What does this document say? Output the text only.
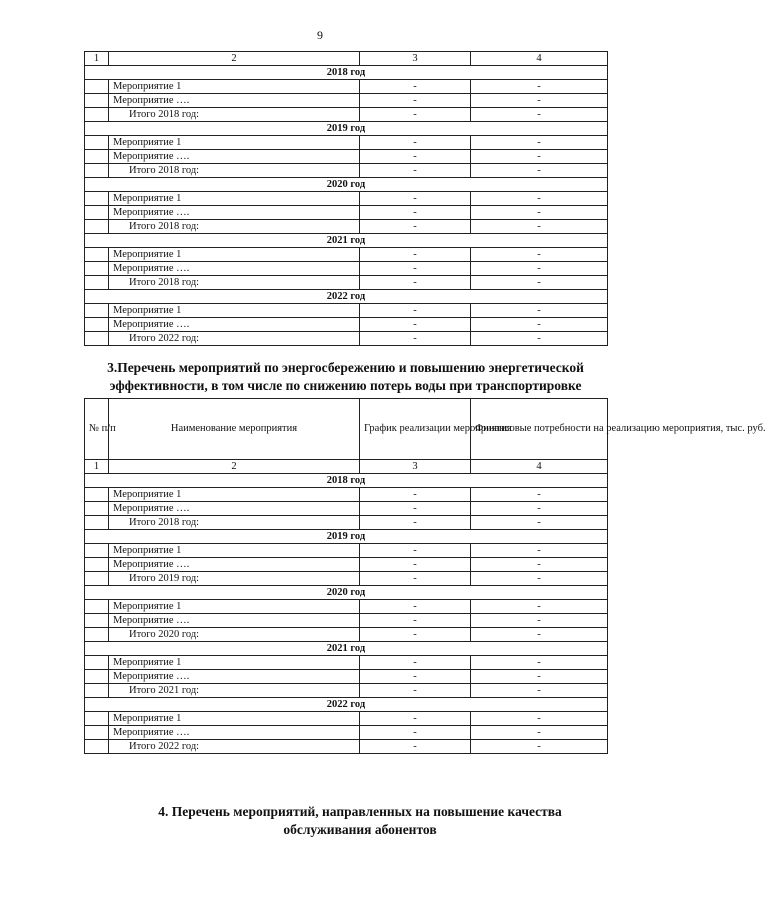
9
1	2	3	4
2018 год			
	Мероприятие 1	-	-
	Мероприятие ….	-	-
	Итого 2018 год:	-	-
2019 год			
	Мероприятие 1	-	-
	Мероприятие ….	-	-
	Итого 2018 год:	-	-
2020 год			
	Мероприятие 1	-	-
	Мероприятие ….	-	-
	Итого 2018 год:	-	-
2021 год			
	Мероприятие 1	-	-
	Мероприятие ….	-	-
	Итого 2018 год:	-	-
2022 год			
	Мероприятие 1	-	-
	Мероприятие ….	-	-
	Итого 2022 год:	-	-
3.Перечень мероприятий по энергосбережению и повышению энергетической
эффективности, в том числе по снижению потерь воды при транспортировке
№ п/п	Наименование мероприятия	График реализации мероприятия	Финансовые потребности на реализацию мероприятия, тыс. руб.
1	2	3	4
2018 год			
	Мероприятие 1	-	-
	Мероприятие ….	-	-
	Итого 2018 год:	-	-
2019 год			
	Мероприятие 1	-	-
	Мероприятие ….	-	-
	Итого 2019 год:	-	-
2020 год			
	Мероприятие 1	-	-
	Мероприятие ….	-	-
	Итого 2020 год:	-	-
2021 год			
	Мероприятие 1	-	-
	Мероприятие ….	-	-
	Итого 2021 год:	-	-
2022 год			
	Мероприятие 1	-	-
	Мероприятие ….	-	-
	Итого 2022 год:	-	-
4. Перечень мероприятий, направленных на повышение качества
обслуживания абонентов
